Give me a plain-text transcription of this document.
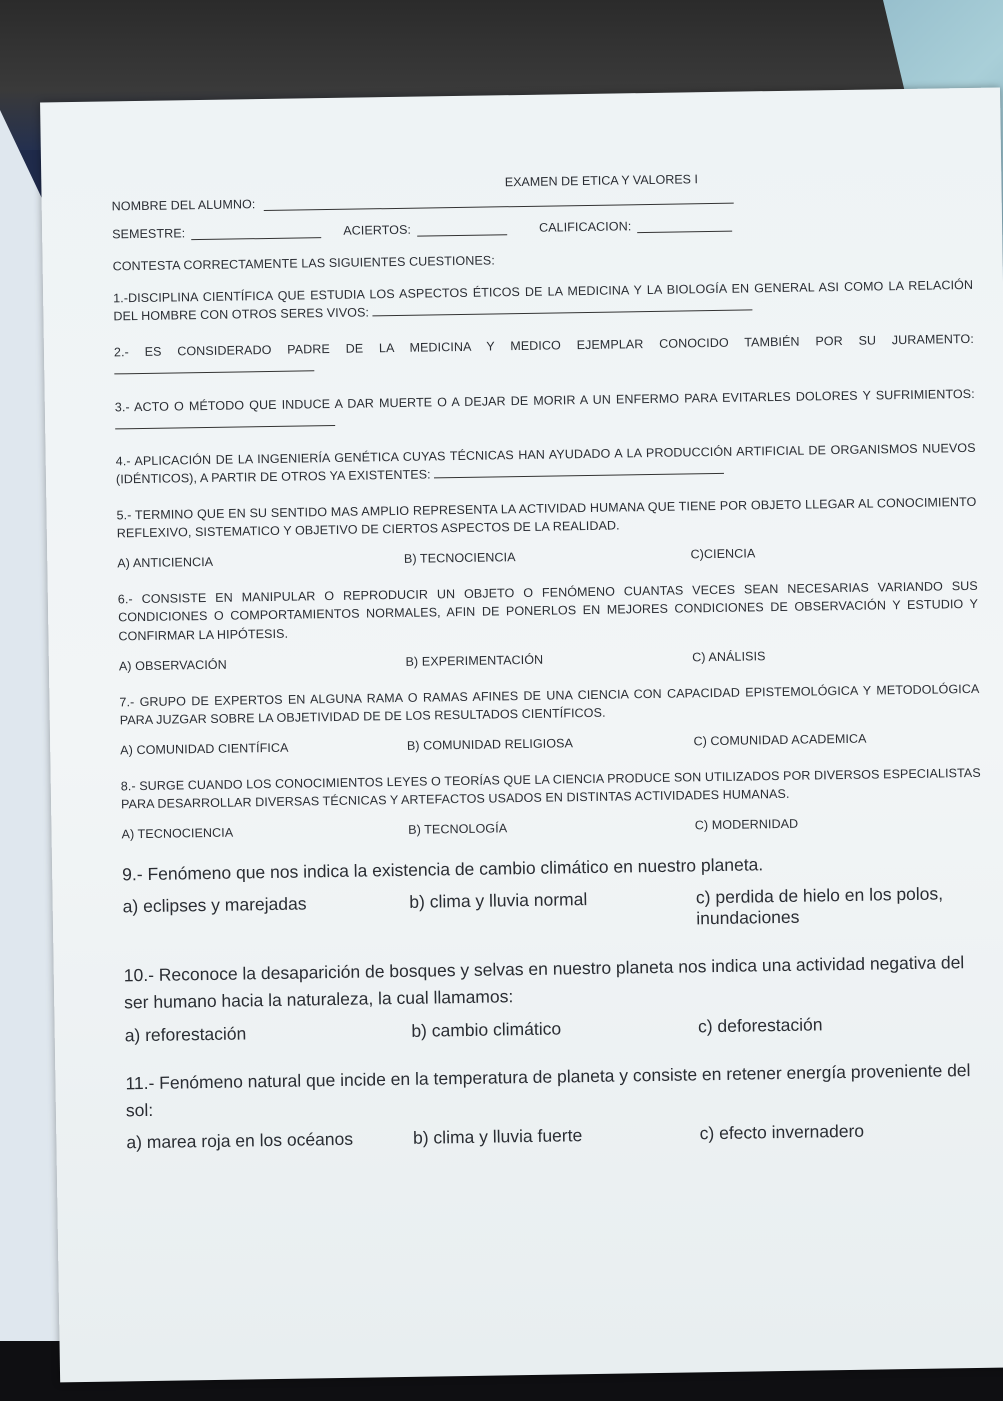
EXAMEN DE ETICA Y VALORES I
NOMBRE DEL ALUMNO:
SEMESTRE:	ACIERTOS:	CALIFICACION:
CONTESTA CORRECTAMENTE LAS SIGUIENTES CUESTIONES:
1.-DISCIPLINA CIENTÍFICA QUE ESTUDIA LOS ASPECTOS ÉTICOS DE LA MEDICINA Y LA BIOLOGÍA EN GENERAL ASI COMO LA RELACIÓN DEL HOMBRE CON OTROS SERES VIVOS:
2.- ES CONSIDERADO PADRE DE LA MEDICINA Y MEDICO EJEMPLAR CONOCIDO TAMBIÉN POR SU JURAMENTO:
3.- ACTO O MÉTODO QUE INDUCE A DAR MUERTE O A DEJAR DE MORIR A UN ENFERMO PARA EVITARLES DOLORES Y SUFRIMIENTOS:
4.- APLICACIÓN DE LA INGENIERÍA GENÉTICA CUYAS TÉCNICAS HAN AYUDADO A LA PRODUCCIÓN ARTIFICIAL DE ORGANISMOS NUEVOS (IDÉNTICOS), A PARTIR DE OTROS YA EXISTENTES:
5.- TERMINO QUE EN SU SENTIDO MAS AMPLIO REPRESENTA LA ACTIVIDAD HUMANA QUE TIENE POR OBJETO LLEGAR AL CONOCIMIENTO REFLEXIVO, SISTEMATICO Y OBJETIVO DE CIERTOS ASPECTOS DE LA REALIDAD.
A) ANTICIENCIA	B) TECNOCIENCIA	C)CIENCIA
6.- CONSISTE EN MANIPULAR O REPRODUCIR UN OBJETO O FENÓMENO CUANTAS VECES SEAN NECESARIAS VARIANDO SUS CONDICIONES O COMPORTAMIENTOS NORMALES, AFIN DE PONERLOS EN MEJORES CONDICIONES DE OBSERVACIÓN Y ESTUDIO Y CONFIRMAR LA HIPÓTESIS.
A) OBSERVACIÓN	B) EXPERIMENTACIÓN	C) ANÁLISIS
7.- GRUPO DE EXPERTOS EN ALGUNA RAMA O RAMAS AFINES DE UNA CIENCIA CON CAPACIDAD EPISTEMOLÓGICA Y METODOLÓGICA PARA JUZGAR SOBRE LA OBJETIVIDAD DE DE LOS RESULTADOS CIENTÍFICOS.
A) COMUNIDAD CIENTÍFICA	B) COMUNIDAD RELIGIOSA	C) COMUNIDAD ACADEMICA
8.- SURGE CUANDO LOS CONOCIMIENTOS LEYES O TEORÍAS QUE LA CIENCIA PRODUCE SON UTILIZADOS POR DIVERSOS ESPECIALISTAS PARA DESARROLLAR DIVERSAS TÉCNICAS Y ARTEFACTOS USADOS EN DISTINTAS ACTIVIDADES HUMANAS.
A) TECNOCIENCIA	B) TECNOLOGÍA	C) MODERNIDAD
9.- Fenómeno que nos indica la existencia de cambio climático en nuestro planeta.
a) eclipses y marejadas	b) clima y lluvia normal	c) perdida de hielo en los polos, inundaciones
10.- Reconoce la desaparición de bosques y selvas en nuestro planeta nos indica una actividad negativa del ser humano hacia la naturaleza, la cual llamamos:
a) reforestación	b) cambio climático	c) deforestación
11.- Fenómeno natural que incide en la temperatura de planeta y consiste en retener energía proveniente del sol:
a) marea roja en los océanos	b) clima y lluvia fuerte	c) efecto invernadero
